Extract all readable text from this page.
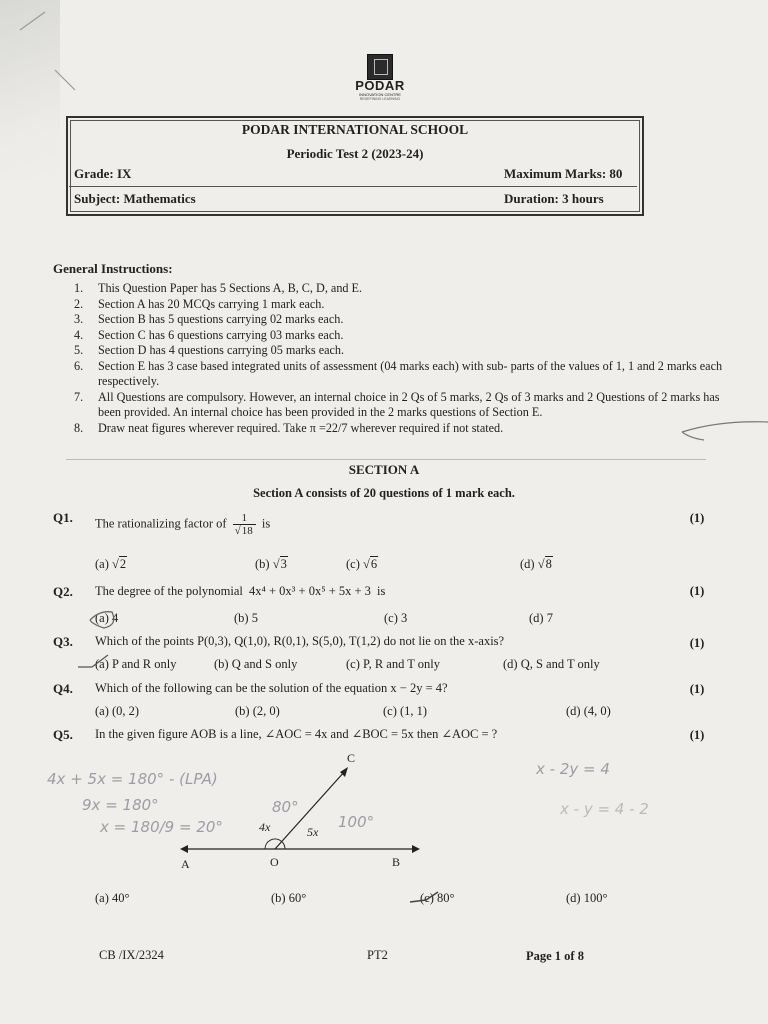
PODAR
INNOVATION CENTRE
REDEFINING LEARNING
PODAR INTERNATIONAL SCHOOL
Periodic Test 2 (2023-24)
Grade: IX	Maximum Marks: 80
Subject: Mathematics	Duration: 3 hours
General Instructions:
1.	This Question Paper has 5 Sections A, B, C, D, and E.
2.	Section A has 20 MCQs carrying 1 mark each.
3.	Section B has 5 questions carrying 02 marks each.
4.	Section C has 6 questions carrying 03 marks each.
5.	Section D has 4 questions carrying 05 marks each.
6.	Section E has 3 case based integrated units of assessment (04 marks each) with sub- parts of the values of 1, 1 and 2 marks each respectively.
7.	All Questions are compulsory. However, an internal choice in 2 Qs of 5 marks, 2 Qs of 3 marks and 2 Questions of 2 marks has been provided. An internal choice has been provided in the 2 marks questions of Section E.
8.	Draw neat figures wherever required. Take π =22/7 wherever required if not stated.
SECTION A
Section A consists of 20 questions of 1 mark each.
Q1. The rationalizing factor of $\frac{1}{√18}$ is	(1)
(a) √2	(b) √3	(c) √6	(d) √8
Q2. The degree of the polynomial 4x⁴ + 0x³ + 0x⁵ + 5x + 3 is	(1)
(a) 4	(b) 5	(c) 3	(d) 7
Q3. Which of the points P(0,3), Q(1,0), R(0,1), S(5,0), T(1,2) do not lie on the x-axis?	(1)
(a) P and R only	(b) Q and S only	(c) P, R and T only	(d) Q, S and T only
Q4. Which of the following can be the solution of the equation x − 2y = 4?	(1)
(a) (0, 2)	(b) (2, 0)	(c) (1, 1)	(d) (4, 0)
Q5. In the given figure AOB is a line, ∠AOC = 4x and ∠BOC = 5x then ∠AOC = ?	(1)
C
A	O	B
4x	5x
(a) 40°	(b) 60°	(c) 80°	(d) 100°
4x + 5x = 180° - (LPA)
9x = 180°
x = 180/9 = 20°
80°
100°
x - 2y = 4
x - y = 4 - 2
CB /IX/2324	PT2	Page 1 of 8
